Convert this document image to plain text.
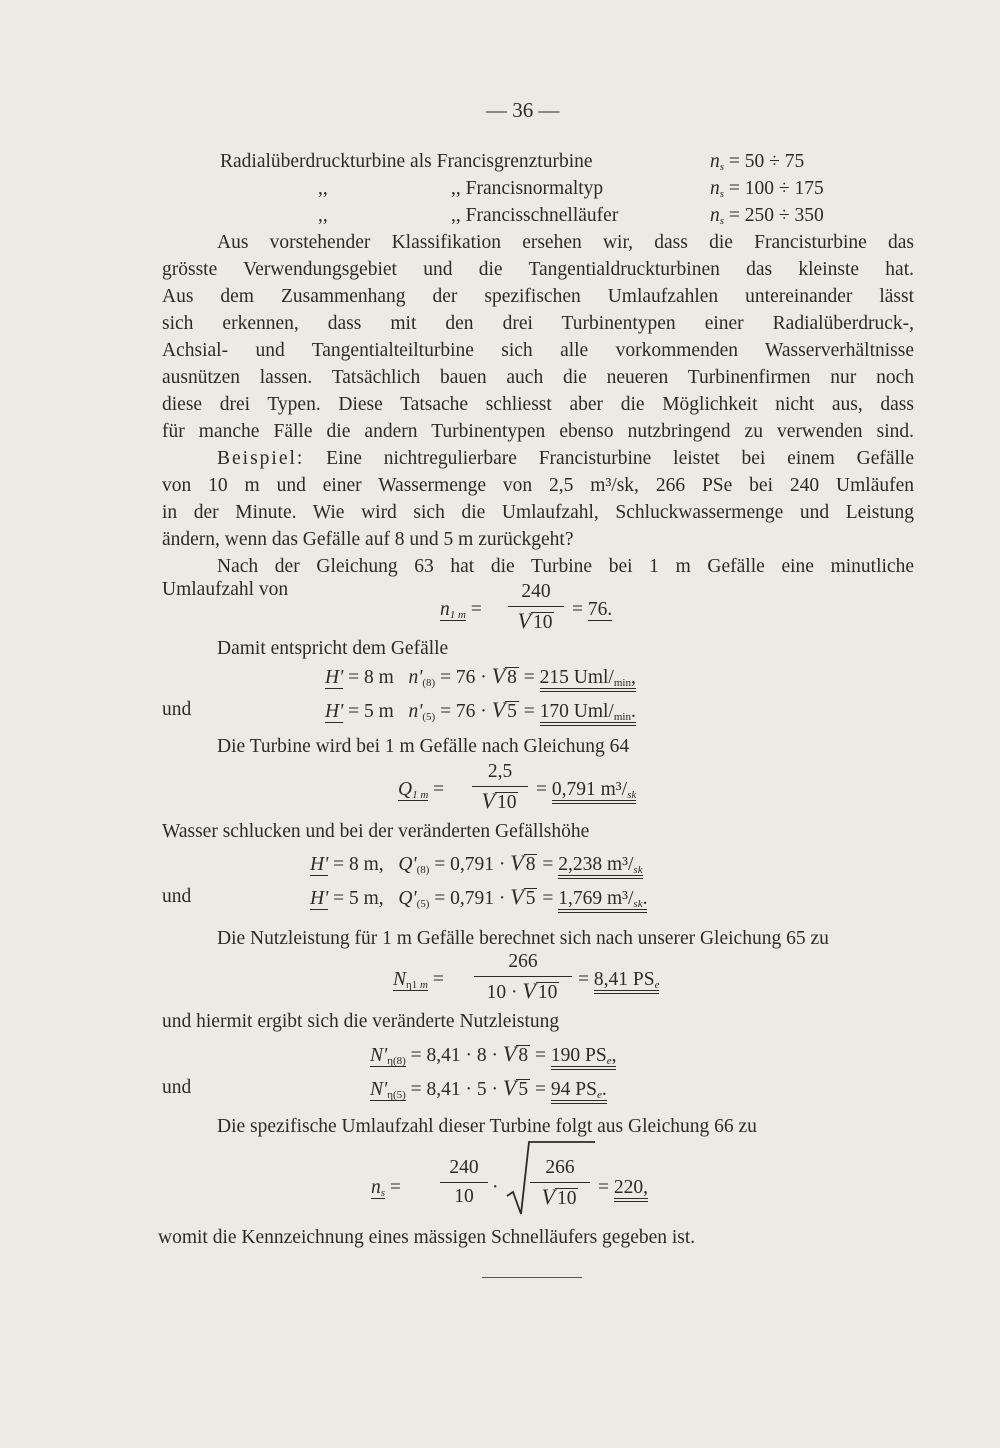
— 36 —
Radialüberdruckturbine als Francisgrenzturbine	$n_s = 50 \div 75$
,,	,, Francisnormaltyp	$n_s = 100 \div 175$
,,	,, Francisschnelläufer	$n_s = 250 \div 350$
Aus vorstehender Klassifikation ersehen wir, dass die Francisturbine das
grösste Verwendungsgebiet und die Tangentialdruckturbinen das kleinste hat.
Aus dem Zusammenhang der spezifischen Umlaufzahlen untereinander lässt
sich erkennen, dass mit den drei Turbinentypen einer Radialüberdruck-,
Achsial- und Tangentialteilturbine sich alle vorkommenden Wasserverhältnisse
ausnützen lassen. Tatsächlich bauen auch die neueren Turbinenfirmen nur noch
diese drei Typen. Diese Tatsache schliesst aber die Möglichkeit nicht aus, dass
für manche Fälle die andern Turbinentypen ebenso nutzbringend zu verwenden sind.
Beispiel: Eine nichtregulierbare Francisturbine leistet bei einem Gefälle
von 10 m und einer Wassermenge von 2,5 m³/sk, 266 PSe bei 240 Umläufen
in der Minute. Wie wird sich die Umlaufzahl, Schluckwassermenge und Leistung
ändern, wenn das Gefälle auf 8 und 5 m zurückgeht?
Nach der Gleichung 63 hat die Turbine bei 1 m Gefälle eine minutliche
Umlaufzahl von
$n_{1 m} = \frac{240}{V 10} = 76$.
Damit entspricht dem Gefälle
H' = 8 m $n'_{(8)} = 76 \cdot V$ 8 = 215 Uml/$_{min}$,
und	H' = 5 m $n'_{(5)} = 76 \cdot V$ 5 = 170 Uml/$_{min}$.
Die Turbine wird bei 1 m Gefälle nach Gleichung 64
$Q_{1 m} = \frac{2,5}{V 10} = 0,791$ $m^3/_{sk}$
Wasser schlucken und bei der veränderten Gefällshöhe
H' = 8 m, $Q'_{(8)} = 0,791 \cdot V$ 8 = 2,238 $m^3/_{sk}$
und	H' = 5 m, $Q'_{(5)} = 0,791 \cdot V$ 5 = 1,769 $m^3/_{sk}$.
Die Nutzleistung für 1 m Gefälle berechnet sich nach unserer Gleichung 65 zu
$N_{\eta 1 m} = \frac{266}{10 \cdot V 10} = 8,41$ $PS_e$
und hiermit ergibt sich die veränderte Nutzleistung
$N'_{\eta(8)} = 8,41 \cdot 8 \cdot V$ 8 = 190 $PS_e$,
und	$N'_{\eta(5)} = 8,41 \cdot 5 \cdot V$ 5 = 94 $PS_e$.
Die spezifische Umlaufzahl dieser Turbine folgt aus Gleichung 66 zu
$n_s = \frac{240}{10} \cdot \frac{266}{V 10} = 220$,
womit die Kennzeichnung eines mässigen Schnelläufers gegeben ist.
